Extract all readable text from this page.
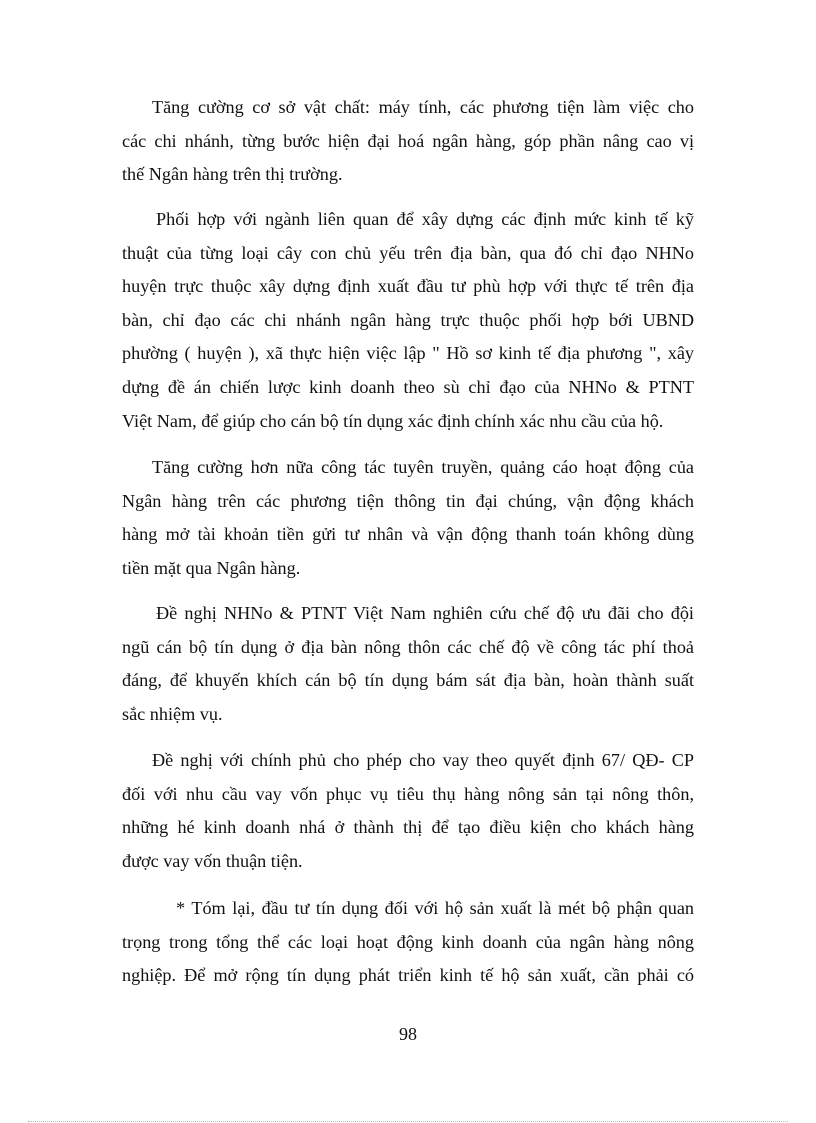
Tăng cường cơ sở vật chất: máy tính, các phương tiện làm việc cho
các chi nhánh, từng bước hiện đại hoá ngân hàng, góp phần nâng cao vị
thế Ngân hàng trên thị trường.
Phối hợp với ngành liên quan để xây dựng các định mức kinh tế kỹ
thuật của từng loại cây con chủ yếu trên địa bàn, qua đó chỉ đạo NHNo
huyện trực thuộc xây dựng định xuất đầu tư phù hợp với thực tế trên địa
bàn, chỉ đạo các chi nhánh ngân hàng trực thuộc phối hợp bới UBND
phường ( huyện ), xã thực hiện việc lập " Hồ sơ kinh tế địa phương ", xây
dựng đề án chiến lược kinh doanh theo sù chỉ đạo của NHNo & PTNT
Việt Nam, để giúp cho cán bộ tín dụng xác định chính xác nhu cầu của hộ.
Tăng cường hơn nữa công tác tuyên truyền, quảng cáo hoạt động của
Ngân hàng trên các phương tiện thông tin đại chúng, vận động khách
hàng mở tài khoản tiền gửi tư nhân và vận động thanh toán không dùng
tiền mặt qua Ngân hàng.
Đề nghị NHNo & PTNT Việt Nam nghiên cứu chế độ ưu đãi cho đội
ngũ cán bộ tín dụng ở địa bàn nông thôn các chế độ về công tác phí thoả
đáng, để khuyến khích cán bộ tín dụng bám sát địa bàn, hoàn thành suất
sắc nhiệm vụ.
Đề nghị với chính phủ cho phép cho vay theo quyết định 67/ QĐ- CP
đối với nhu cầu vay vốn phục vụ tiêu thụ hàng nông sản tại nông thôn,
những hé kinh doanh nhá ở thành thị để tạo điều kiện cho khách hàng
được vay vốn thuận tiện.
* Tóm lại, đầu tư tín dụng đối với hộ sản xuất là mét bộ phận quan
trọng trong tổng thể các loại hoạt động kinh doanh của ngân hàng nông
nghiệp. Để mở rộng tín dụng phát triển kinh tế hộ sản xuất, cần phải có
98
